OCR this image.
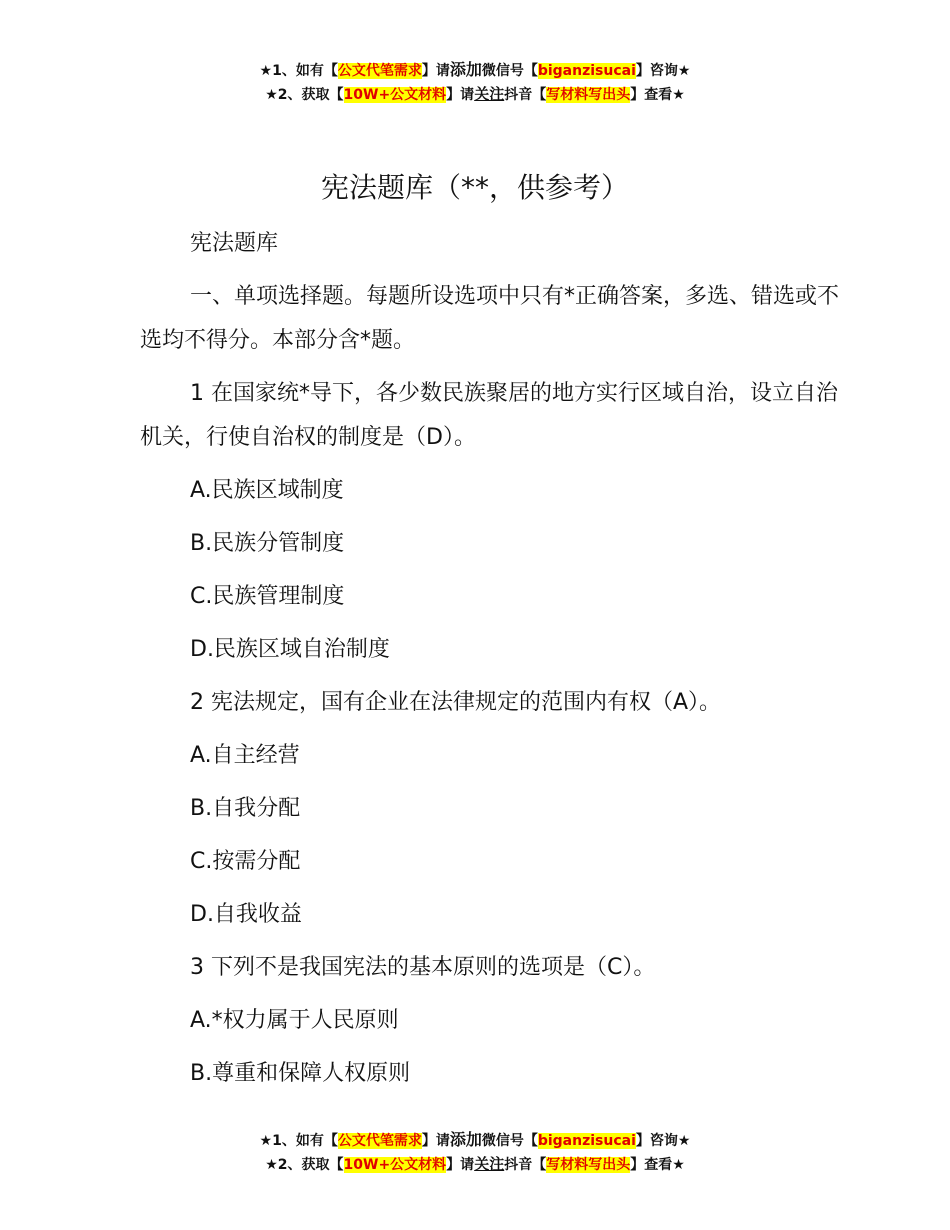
★1、如有【公文代笔需求】请添加微信号【biganzisucai】咨询★
★2、获取【10W+公文材料】请关注抖音【写材料写出头】查看★
宪法题库（**，供参考）

宪法题库

一、单项选择题。每题所设选项中只有*正确答案，多选、错选或不选均不得分。本部分含*题。

1 在国家统*导下，各少数民族聚居的地方实行区域自治，设立自治机关，行使自治权的制度是（D）。

A.民族区域制度

B.民族分管制度

C.民族管理制度

D.民族区域自治制度

2 宪法规定，国有企业在法律规定的范围内有权（A）。

A.自主经营

B.自我分配

C.按需分配

D.自我收益

3 下列不是我国宪法的基本原则的选项是（C）。

A.*权力属于人民原则

B.尊重和保障人权原则

★1、如有【公文代笔需求】请添加微信号【biganzisucai】咨询★
★2、获取【10W+公文材料】请关注抖音【写材料写出头】查看★
